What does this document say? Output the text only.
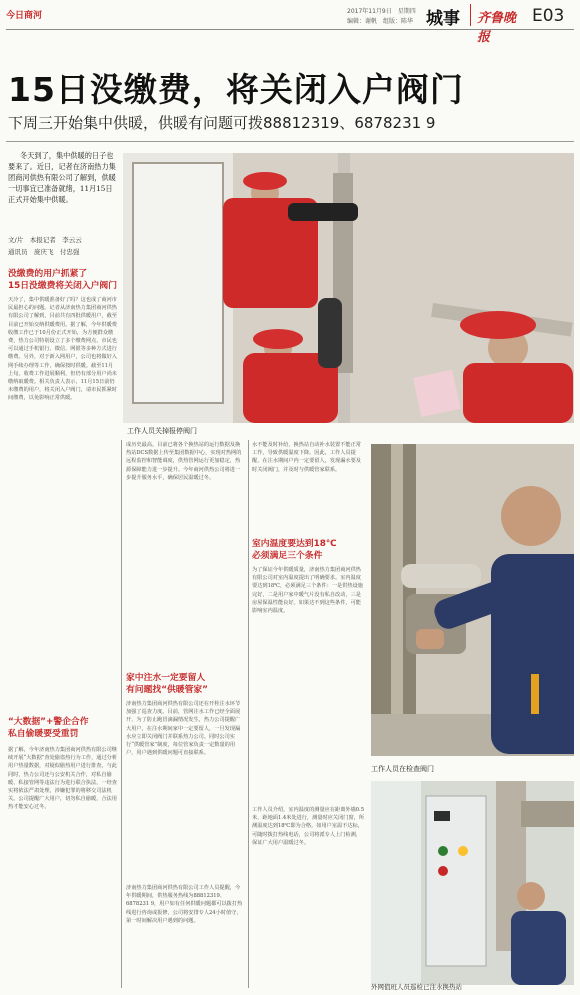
今日商河	2017年11月9日　星期四
编辑：谢帆　组版：陈华 城事 齐鲁晚报
E03
15日没缴费，将关闭入户阀门
下周三开始集中供暖，供暖有问题可拨88812319、6878231 9
冬天到了，集中供暖的日子也要来了。近日，记者在济南热力集团商河供热有限公司了解到，供暖一切事宜已准备就绪，11月15日正式开始集中供暖。
文/片　本报记者　李云云
通讯员　庞庆飞　付忠强
工作人员关掉报停阀门
没缴费的用户抓紧了
15日没缴费将关闭入户阀门
天冷了，集中供暖准备好了吗？这也成了商河市民最担心的问题。记者从济南热力集团商河供热有限公司了解到，目前共有四批供暖用户，截至目前已开始交纳供暖费用。据了解，今年供暖费收缴工作已于10月份正式开始，为方便群众缴费，热力公司特别设立了多个缴费网点，市民也可以通过手机银行、微信、网银等多种方式进行缴费。另外，对于新入网用户，公司也将做好入网手续办理等工作，确保按时供暖。截至11月上旬，收费工作进展顺利，但仍有部分用户尚未缴纳取暖费。相关负责人表示，11月15日前仍未缴费的用户，将关闭入户阀门，请市民抓紧时间缴费，以免影响正常供暖。
“大数据”+警企合作
私自偷暖要受重罚
据了解，今年济南热力集团商河供热有限公司继续开展“大数据”查处偷盗热行为工作，通过分析用户热量数据，对疑似偷热用户进行排查。与此同时，热力公司还与公安机关合作，对私自偷暖、私接管网等违法行为进行联合执法，一经查实将依法严肃处理，涉嫌犯罪的将移交司法机关。公司提醒广大用户，切勿私自偷暖，合法用热才能安心过冬。
成历史最高。目前已将各个换热站的运行数据及换热站DCS数据上传至集团数据中心，实现对热网的远程监控和智能调度，供热管网运行更加稳定，热源保障能力进一步提升。今年商河供热公司将进一步提升服务水平，确保居民温暖过冬。
家中注水一定要留人
有问题找“供暖管家”
济南热力集团商河供热有限公司还在开栓注水环节加强了巡查力度。目前，管网注水工作已经全面展开，为了防止跑冒滴漏情况发生，热力公司提醒广大用户，在注水期间家中一定要留人，一旦发现漏水应立即关闭阀门并联系热力公司。同时公司实行“供暖管家”制度，每位管家负责一定数量的用户，用户遇到供暖问题可直接联系。
济南热力集团商河供热有限公司工作人员提醒，今年供暖期间，供热服务热线为88812319、6878231 9，用户如有任何供暖问题都可以拨打热线进行咨询或报修，公司将安排专人24小时值守，第一时间解决用户遇到的问题。
水不能及时补给，换热站自动补水装置不能正常工作，导致供暖温度下降。因此，工作人员提醒，在注水期间户内一定要留人，发现漏水要及时关闭阀门，并及时与供暖管家联系。
室内温度要达到18℃
必须满足三个条件
为了保证今年供暖质量，济南热力集团商河供热有限公司对室内温度提出了明确要求。室内温度要达到18℃，必须满足三个条件：一是供热设施完好，二是用户家中暖气片没有私自改动，三是房屋保温性能良好。如果达不到这些条件，可能影响室内温度。
工作人员介绍，室内温度的测量应在距离外墙0.5米、距地面1.4米处进行，测量时应关闭门窗，所测温度达到18℃即为合格。如用户室温不达标，可随时拨打热线电话，公司将派专人上门检测，保证广大用户温暖过冬。
工作人员在检查阀门
外网值班人员巡检已注水换热站
